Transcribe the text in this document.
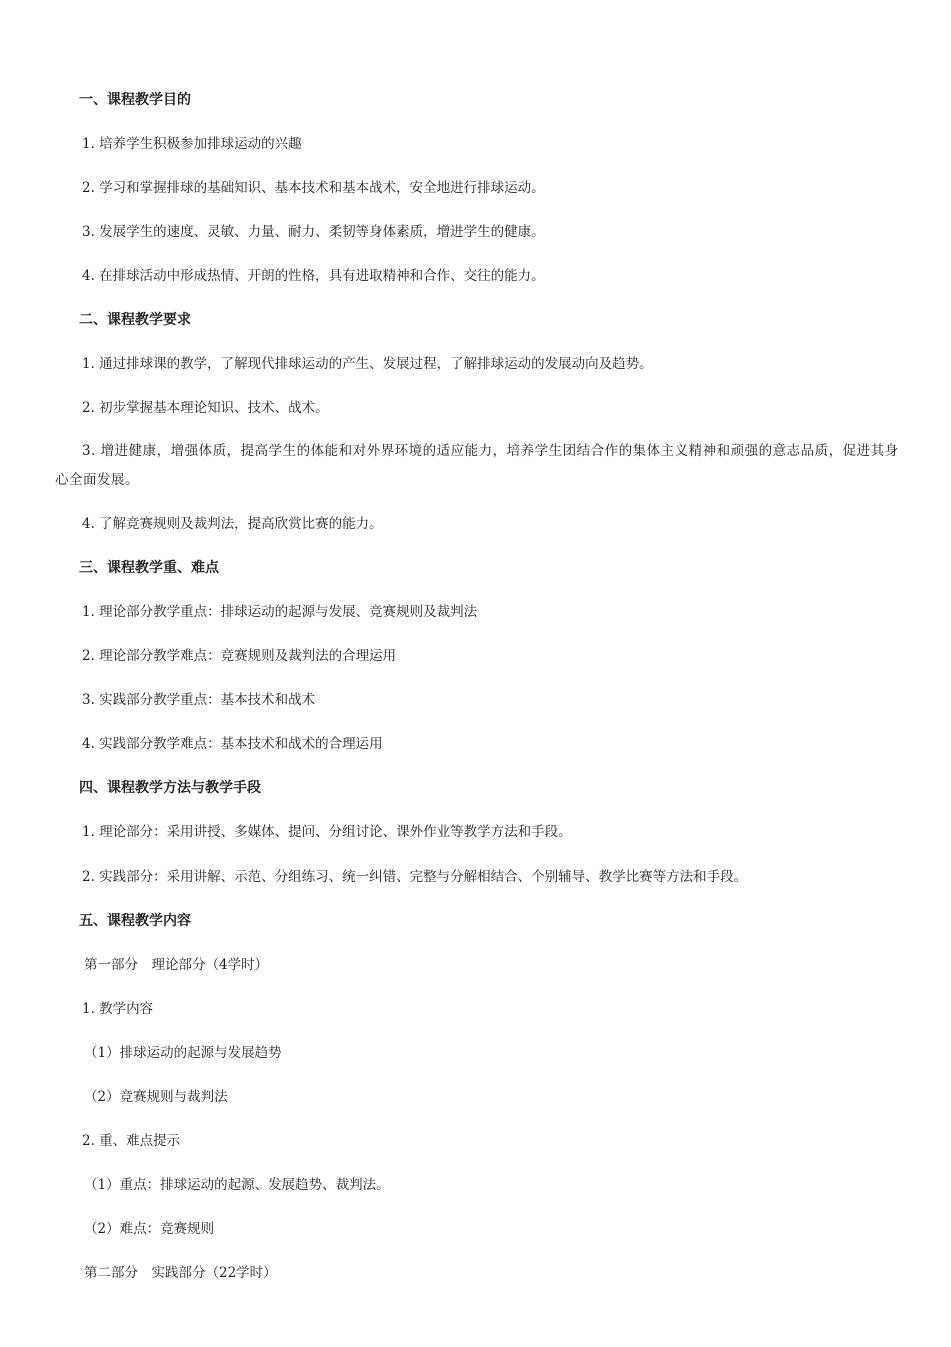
一、课程教学目的

1. 培养学生积极参加排球运动的兴趣

2. 学习和掌握排球的基础知识、基本技术和基本战术，安全地进行排球运动。

3. 发展学生的速度、灵敏、力量、耐力、柔韧等身体素质，增进学生的健康。

4. 在排球活动中形成热情、开朗的性格，具有进取精神和合作、交往的能力。

二、课程教学要求

1. 通过排球课的教学，了解现代排球运动的产生、发展过程，了解排球运动的发展动向及趋势。

2. 初步掌握基本理论知识、技术、战术。

3. 增进健康，增强体质，提高学生的体能和对外界环境的适应能力，培养学生团结合作的集体主义精神和顽强的意志品质，促进其身心全面发展。

4. 了解竞赛规则及裁判法，提高欣赏比赛的能力。

三、课程教学重、难点

1. 理论部分教学重点：排球运动的起源与发展、竞赛规则及裁判法

2. 理论部分教学难点：竞赛规则及裁判法的合理运用

3. 实践部分教学重点：基本技术和战术

4. 实践部分教学难点：基本技术和战术的合理运用

四、课程教学方法与教学手段

1. 理论部分：采用讲授、多媒体、提问、分组讨论、课外作业等教学方法和手段。

2. 实践部分：采用讲解、示范、分组练习、统一纠错、完整与分解相结合、个别辅导、教学比赛等方法和手段。

五、课程教学内容

第一部分　理论部分（4学时）

1. 教学内容

（1）排球运动的起源与发展趋势

（2）竞赛规则与裁判法

2. 重、难点提示

（1）重点：排球运动的起源、发展趋势、裁判法。

（2）难点：竞赛规则

第二部分　实践部分（22学时）
